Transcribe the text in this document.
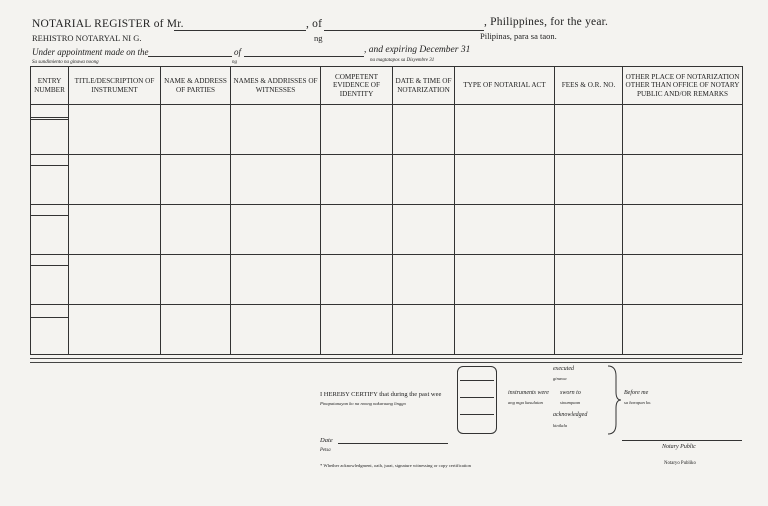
NOTARIAL REGISTER of Mr.	, of	, Philippines, for the year.
REHISTRO NOTARYAL NI G.	ng	Pilipinas, para sa taon.
Under appointment made on the	of	, and expiring December 31
Sa sundimiento na ginawa noong	ng	na magtatapos sa Disyembre 31
ENTRY NUMBER	TITLE/DESCRIPTION OF INSTRUMENT	NAME & ADDRESS OF PARTIES	NAMES & ADDRISSES OF WITNESSES	COMPETENT EVIDENCE OF IDENTITY	DATE & TIME OF NOTARIZATION	TYPE OF NOTARIAL ACT	FEES & O.R. NO.	OTHER PLACE OF NOTARIZATION OTHER THAN OFFICE OF NOTARY PUBLIC AND/OR REMARKS

I HEREBY CERTIFY that during the past wee
Pinapatunayan ko na noong nakaraang linggo
instruments were
ang mga kasulatan
sworn to
sinumpaan
executed
ginawa
acknowledged
kinilala
Before me
sa harapan ko.
Date
Petsa
Notary Public
Notaryo Publiko
* Whether acknowledgment, oath, jurat, signature witnessing or copy certification
